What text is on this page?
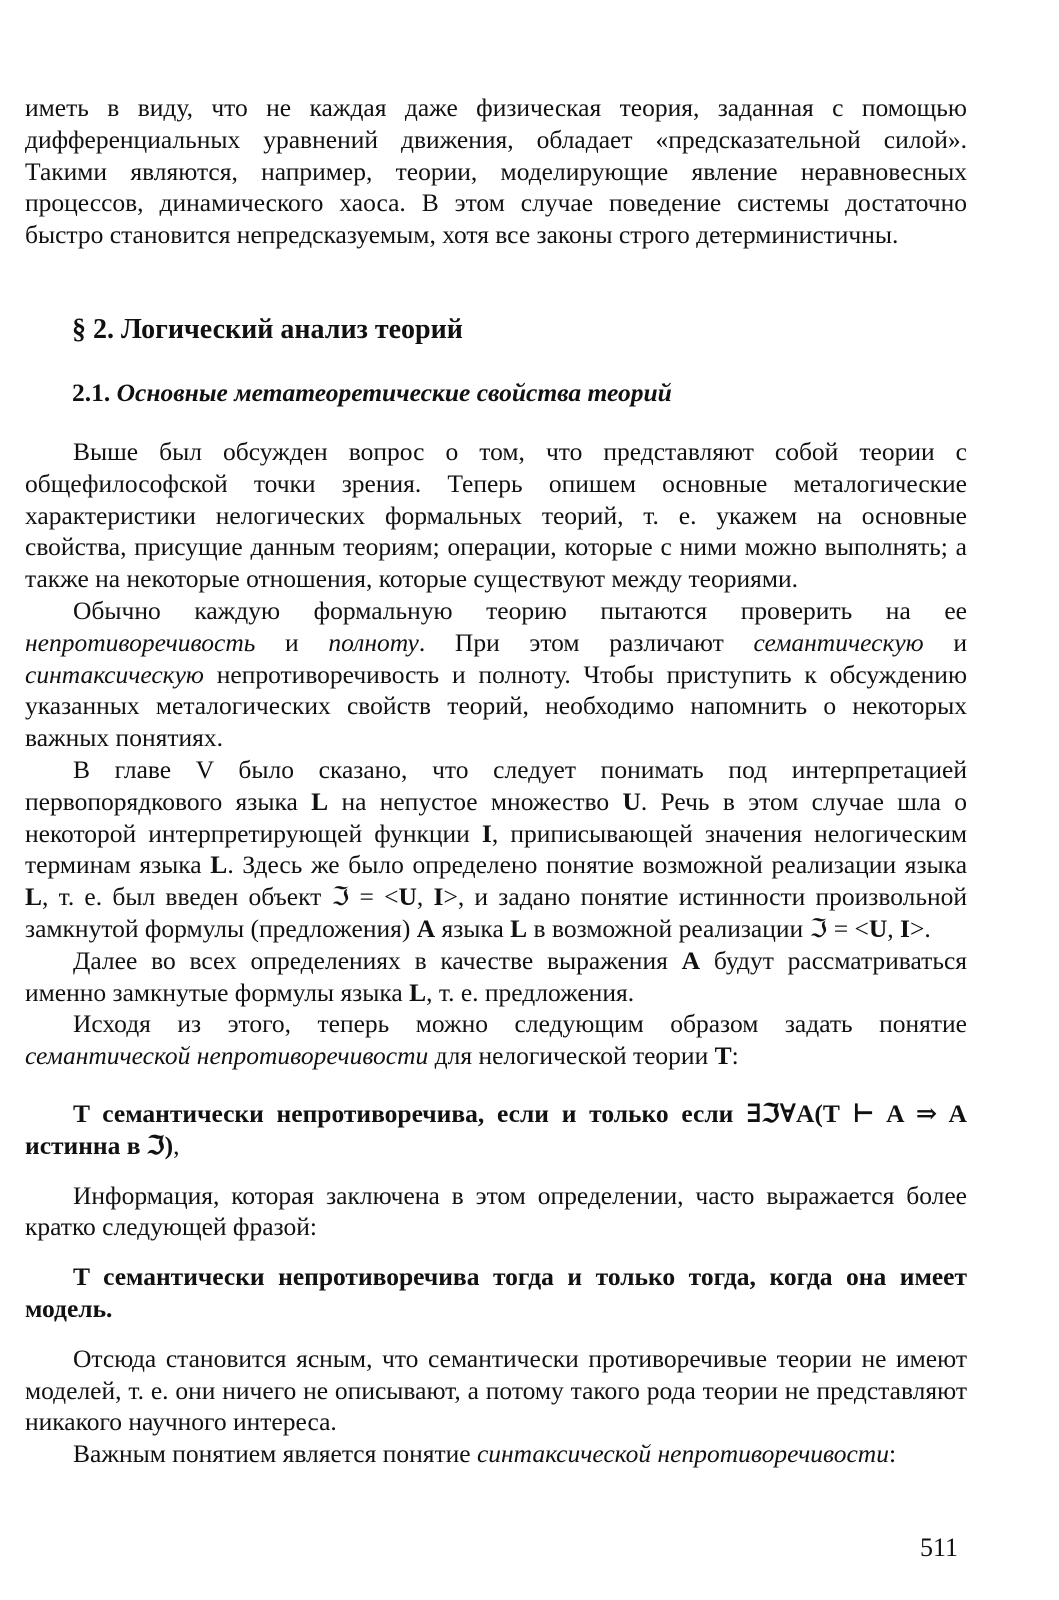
иметь в виду, что не каждая даже физическая теория, заданная с помощью дифференциальных уравнений движения, обладает «предсказательной силой». Такими являются, например, теории, моделирующие явление неравновесных процессов, динамического хаоса. В этом случае поведение системы достаточно быстро становится непредсказуемым, хотя все законы строго детерминистичны.

§ 2. Логический анализ теорий
2.1. Основные метатеоретические свойства теорий

Выше был обсужден вопрос о том, что представляют собой теории с общефилософской точки зрения. Теперь опишем основные металогические характеристики нелогических формальных теорий, т. е. укажем на основные свойства, присущие данным теориям; операции, которые с ними можно выполнять; а также на некоторые отношения, которые существуют между теориями.

Обычно каждую формальную теорию пытаются проверить на ее непротиворечивость и полноту. При этом различают семантическую и синтаксическую непротиворечивость и полноту. Чтобы приступить к обсуждению указанных металогических свойств теорий, необходимо напомнить о некоторых важных понятиях.

В главе V было сказано, что следует понимать под интерпретацией первопорядкового языка L на непустое множество U. Речь в этом случае шла о некоторой интерпретирующей функции I, приписывающей значения нелогическим терминам языка L. Здесь же было определено понятие возможной реализации языка L, т. е. был введен объект ℑ = <U, I>, и задано понятие истинности произвольной замкнутой формулы (предложения) A языка L в возможной реализации ℑ = <U, I>.

Далее во всех определениях в качестве выражения A будут рассматриваться именно замкнутые формулы языка L, т. е. предложения.

Исходя из этого, теперь можно следующим образом задать понятие семантической непротиворечивости для нелогической теории T:

T семантически непротиворечива, если и только если ∃ℑ∀A(T ⊢ A ⇒ A истинна в ℑ),

Информация, которая заключена в этом определении, часто выражается более кратко следующей фразой:

T семантически непротиворечива тогда и только тогда, когда она имеет модель.

Отсюда становится ясным, что семантически противоречивые теории не имеют моделей, т. е. они ничего не описывают, а потому такого рода теории не представляют никакого научного интереса.

Важным понятием является понятие синтаксической непротиворечивости:

511
